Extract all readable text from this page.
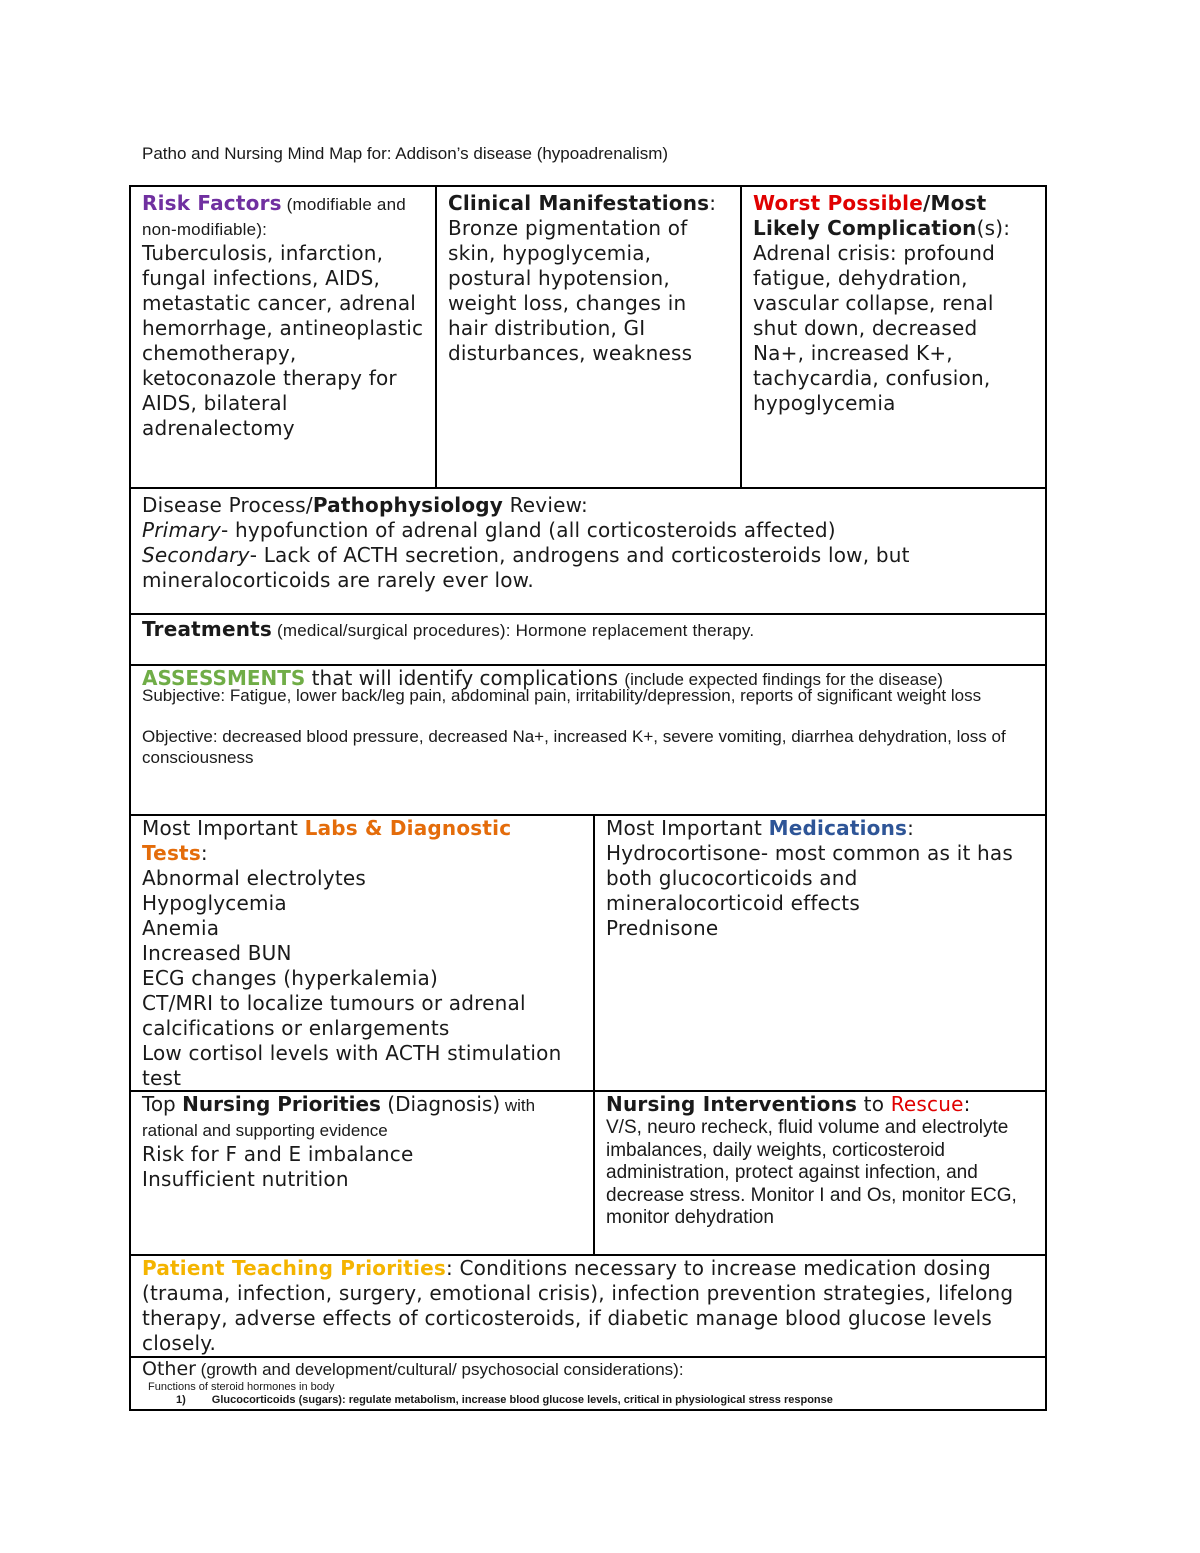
Patho and Nursing Mind Map for: Addison’s disease (hypoadrenalism)
Risk Factors (modifiable and non-modifiable):
Tuberculosis, infarction, fungal infections, AIDS, metastatic cancer, adrenal hemorrhage, antineoplastic chemotherapy, ketoconazole therapy for AIDS, bilateral adrenalectomy
Clinical Manifestations:
Bronze pigmentation of skin, hypoglycemia, postural hypotension, weight loss, changes in hair distribution, GI disturbances, weakness
Worst Possible/Most Likely Complication(s):
Adrenal crisis: profound fatigue, dehydration, vascular collapse, renal shut down, decreased Na+, increased K+, tachycardia, confusion, hypoglycemia
Disease Process/Pathophysiology Review:
Primary- hypofunction of adrenal gland (all corticosteroids affected)
Secondary- Lack of ACTH secretion, androgens and corticosteroids low, but mineralocorticoids are rarely ever low.
Treatments (medical/surgical procedures): Hormone replacement therapy.
ASSESSMENTS that will identify complications (include expected findings for the disease)
Subjective: Fatigue, lower back/leg pain, abdominal pain, irritability/depression, reports of significant weight loss
Objective: decreased blood pressure, decreased Na+, increased K+, severe vomiting, diarrhea dehydration, loss of consciousness
Most Important Labs & Diagnostic Tests:
Abnormal electrolytes
Hypoglycemia
Anemia
Increased BUN
ECG changes (hyperkalemia)
CT/MRI to localize tumours or adrenal calcifications or enlargements
Low cortisol levels with ACTH stimulation test
Most Important Medications:
Hydrocortisone- most common as it has both glucocorticoids and mineralocorticoid effects
Prednisone
Top Nursing Priorities (Diagnosis) with rational and supporting evidence
Risk for F and E imbalance
Insufficient nutrition
Nursing Interventions to Rescue:
V/S, neuro recheck, fluid volume and electrolyte imbalances, daily weights, corticosteroid administration, protect against infection, and decrease stress. Monitor I and Os, monitor ECG, monitor dehydration
Patient Teaching Priorities: Conditions necessary to increase medication dosing (trauma, infection, surgery, emotional crisis), infection prevention strategies, lifelong therapy, adverse effects of corticosteroids, if diabetic manage blood glucose levels closely.
Other (growth and development/cultural/ psychosocial considerations):
Functions of steroid hormones in body
1) Glucocorticoids (sugars): regulate metabolism, increase blood glucose levels, critical in physiological stress response
